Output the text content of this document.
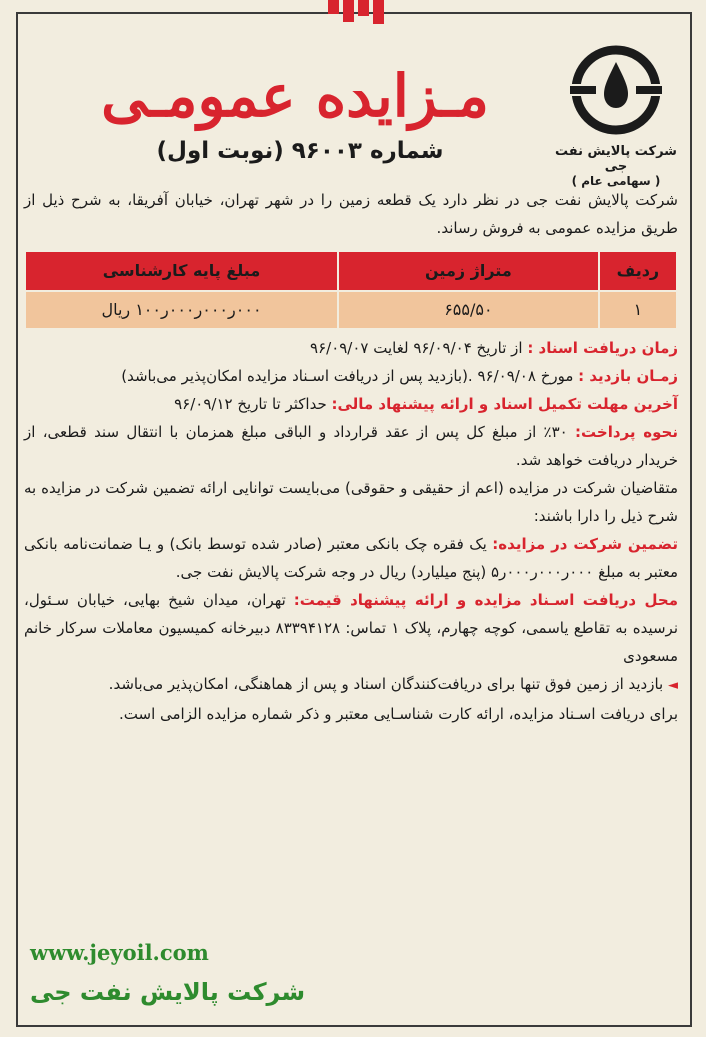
شرکت پالایش نفت جی
( سهامی عام )
مـزایده عمومـی
شماره ۹۶۰۰۳ (نوبت اول)

شرکت پالایش نفت جی در نظر دارد یک قطعه زمین را در شهر تهران، خیابان آفریقا، به شرح ذیل از طریق مزایده عمومی به فروش رساند.

ردیف	متراژ زمین	مبلغ پایه کارشناسی
۱	۶۵۵/۵۰	۰۰۰ر۰۰۰ر۰۰۰ر۱۰۰ ریال

زمان دریافت اسناد : از تاریخ ۹۶/۰۹/۰۴ لغایت ۹۶/۰۹/۰۷

زمـان بازدید : مورخ ۹۶/۰۹/۰۸ .(بازدید پس از دریافت اسـناد مزایده امکان‌پذیر می‌باشد)

آخرین مهلت تکمیل اسناد و ارائه پیشنهاد مالی: حداکثر تا تاریخ ۹۶/۰۹/۱۲

نحوه پرداخت: ۳۰٪ از مبلغ کل پس از عقد قرارداد و الباقی مبلغ همزمان با انتقال سند قطعی، از خریدار دریافت خواهد شد.

متقاضیان شرکت در مزایده (اعم از حقیقی و حقوقی) می‌بایست توانایی ارائه تضمین شرکت در مزایده به شرح ذیل را دارا باشند:

تضمین شرکت در مزایده: یک فقره چک بانکی معتبر (صادر شده توسط بانک) و یـا ضمانت‌نامه بانکی معتبر به مبلغ ۰۰۰ر۰۰۰ر۰۰۰ر۵ (پنج میلیارد) ریال در وجه شرکت پالایش نفت جی.

محل دریافت اسـناد مزایده و ارائه پیشنهاد قیمت: تهران، میدان شیخ بهایی، خیابان سـئول، نرسیده به تقاطع یاسمی، کوچه چهارم، پلاک ۱ تماس: ۸۳۳۹۴۱۲۸ دبیرخانه کمیسیون معاملات سرکار خانم مسعودی

◄ بازدید از زمین فوق تنها برای دریافت‌کنندگان اسناد و پس از هماهنگی، امکان‌پذیر می‌باشد.

برای دریافت اسـناد مزایده، ارائه کارت شناسـایی معتبر و ذکر شماره مزایده الزامی است.

www.jeyoil.com
شرکت پالایش نفت جی
